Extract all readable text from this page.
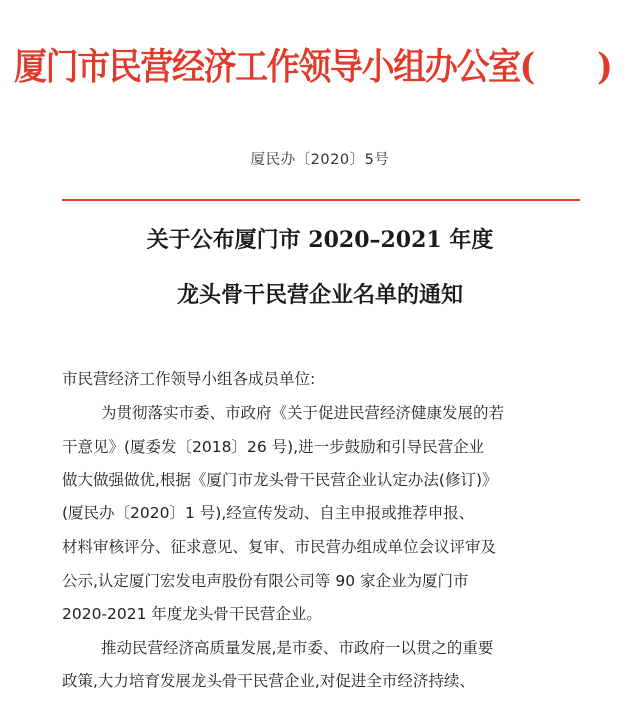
厦门市民营经济工作领导小组办公室(　　)
厦民办〔2020〕5号
关于公布厦门市 2020–2021 年度
龙头骨干民营企业名单的通知
市民营经济工作领导小组各成员单位:
为贯彻落实市委、市政府《关于促进民营经济健康发展的若
干意见》(厦委发〔2018〕26 号),进一步鼓励和引导民营企业
做大做强做优,根据《厦门市龙头骨干民营企业认定办法(修订)》
(厦民办〔2020〕1 号),经宣传发动、自主申报或推荐申报、
材料审核评分、征求意见、复审、市民营办组成单位会议评审及
公示,认定厦门宏发电声股份有限公司等 90 家企业为厦门市
2020-2021 年度龙头骨干民营企业。
推动民营经济高质量发展,是市委、市政府一以贯之的重要
政策,大力培育发展龙头骨干民营企业,对促进全市经济持续、
